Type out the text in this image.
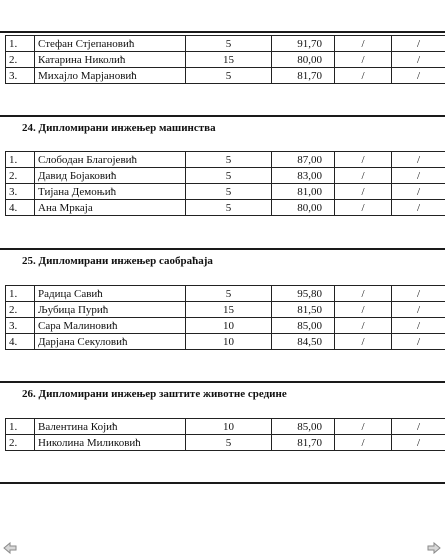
1.	Стефан Стјепановић	5	91,70	/	/
2.	Катарина Николић	15	80,00	/	/
3.	Михајло Марјановић	5	81,70	/	/
24. Дипломирани инжењер машинства
1.	Слободан Благојевић	5	87,00	/	/
2.	Давид Бојаковић	5	83,00	/	/
3.	Тијана Демоњић	5	81,00	/	/
4.	Ана Мркаја	5	80,00	/	/
25. Дипломирани инжењер саобраћаја
1.	Радица Савић	5	95,80	/	/
2.	Љубица Пурић	15	81,50	/	/
3.	Сара Малиновић	10	85,00	/	/
4.	Дарјана Секуловић	10	84,50	/	/
26. Дипломирани инжењер заштите животне средине
1.	Валентина Којић	10	85,00	/	/
2.	Николина Миликовић	5	81,70	/	/
